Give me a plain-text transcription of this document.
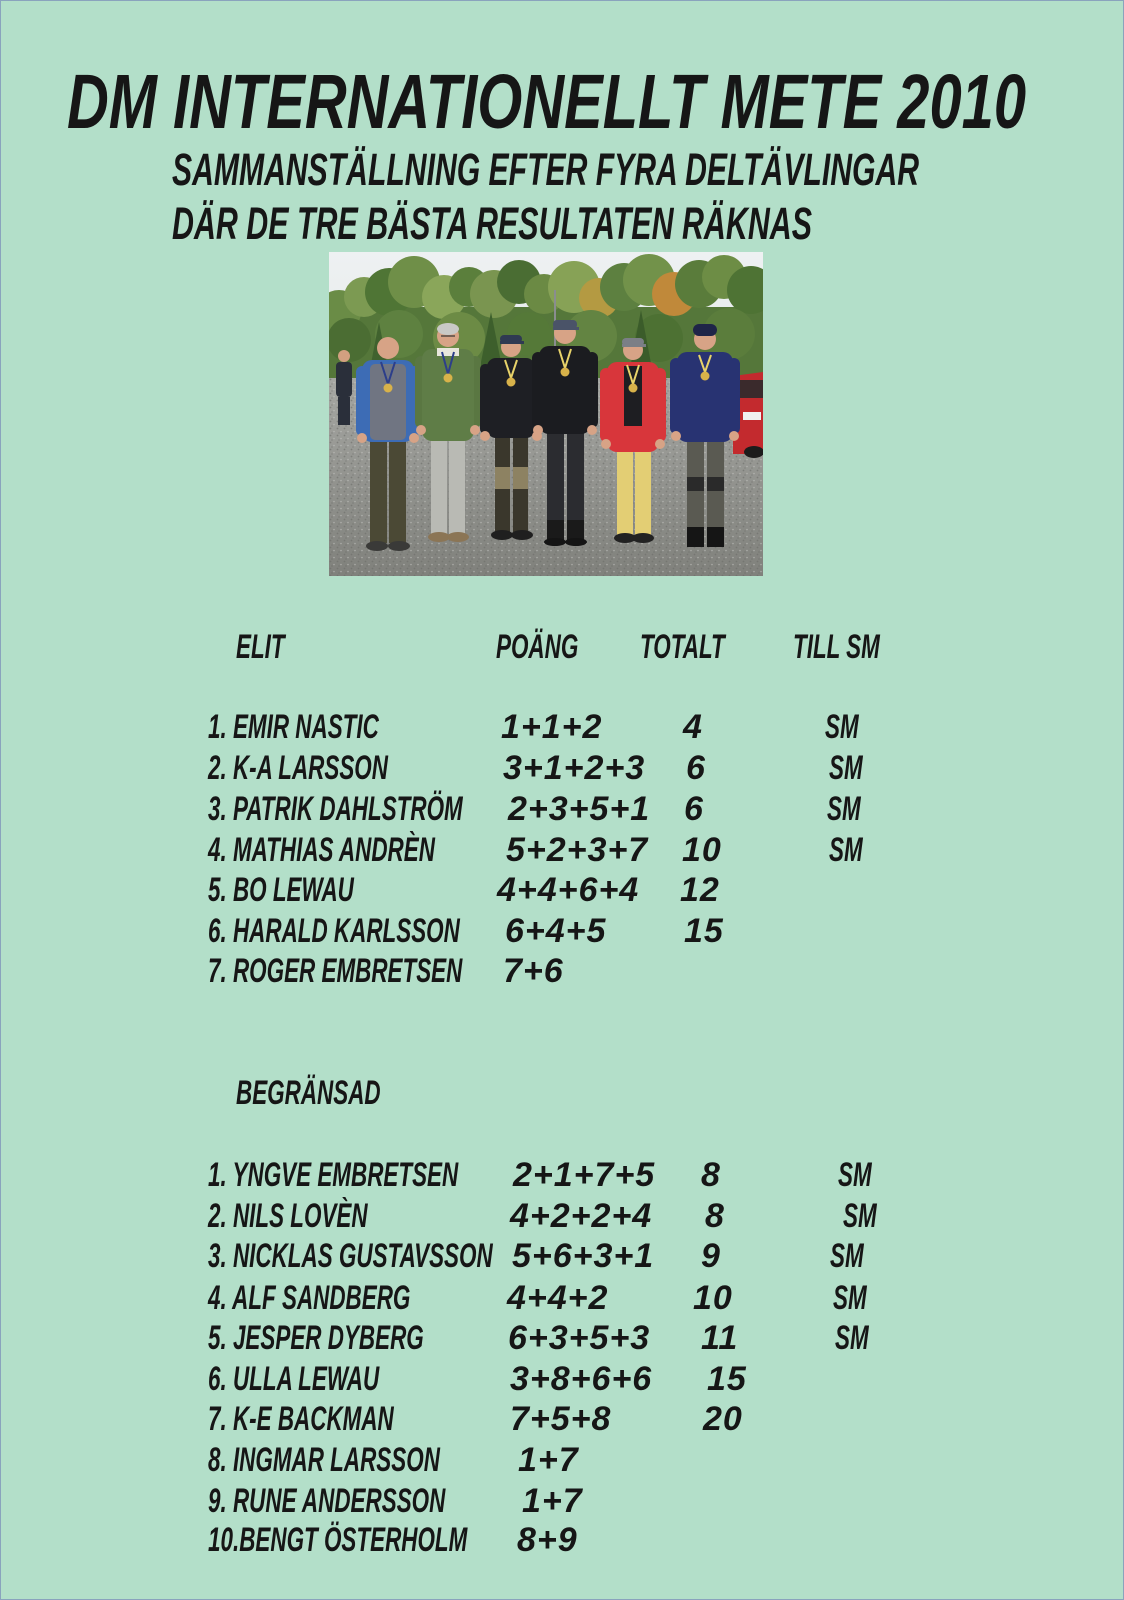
DM INTERNATIONELLT METE 2010
SAMMANSTÄLLNING EFTER FYRA DELTÄVLINGAR
DÄR DE TRE BÄSTA RESULTATEN RÄKNAS
ELIT	POÄNG TOTALT TILL SM
1. EMIR NASTIC	1+1+2 4	SM
2. K-A LARSSON	3+1+2+3 6	SM
3. PATRIK DAHLSTRÖM 2+3+5+1 6	SM
4. MATHIAS ANDRÈN 5+2+3+7 10	SM
5. BO LEWAU	4+4+6+4 12
6. HARALD KARLSSON 6+4+5 15
7. ROGER EMBRETSEN 7+6
BEGRÄNSAD
1. YNGVE EMBRETSEN 2+1+7+5 8	SM
2. NILS LOVÈN	4+2+2+4 8	SM
3. NICKLAS GUSTAVSSON 5+6+3+1 9	SM
4. ALF SANDBERG	4+4+2 10	SM
5. JESPER DYBERG 6+3+5+3 11	SM
6. ULLA LEWAU	3+8+6+6 15
7. K-E BACKMAN	7+5+8	20
8. INGMAR LARSSON 1+7
9. RUNE ANDERSSON 1+7
10.BENGT ÖSTERHOLM 8+9
